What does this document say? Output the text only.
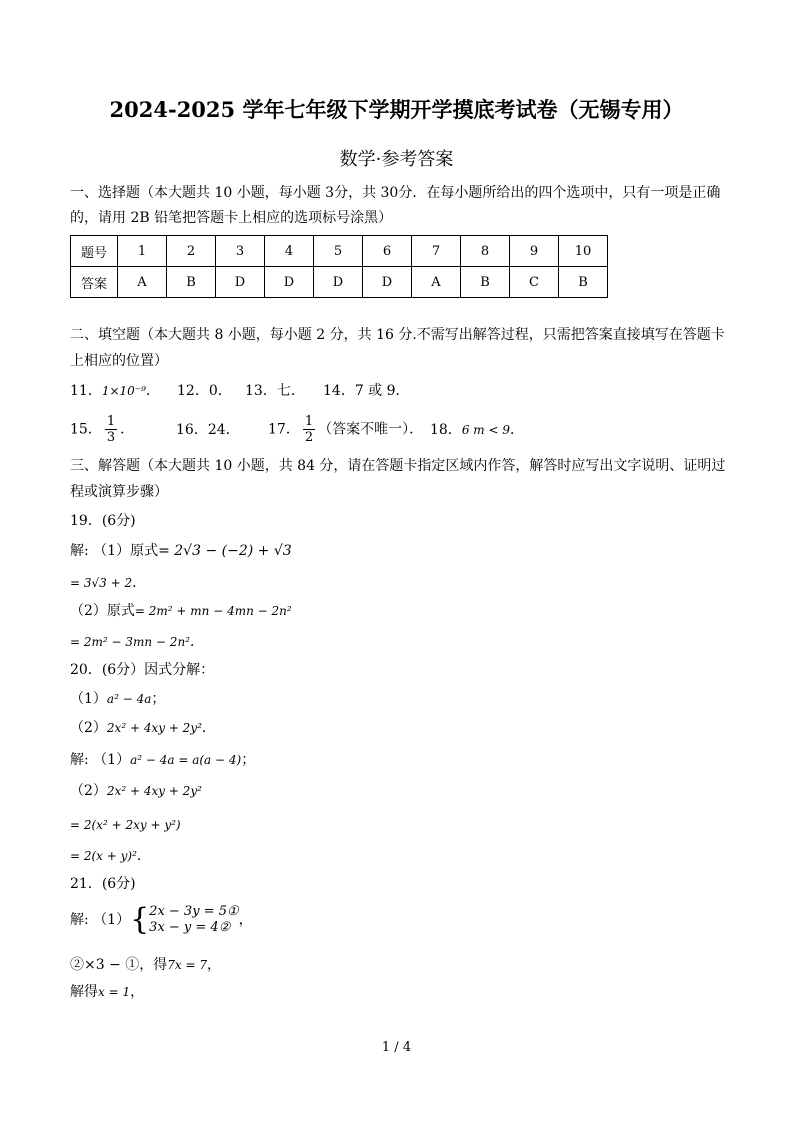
2024-2025 学年七年级下学期开学摸底考试卷（无锡专用）
数学·参考答案
一、选择题（本大题共 10 小题，每小题 3分，共 30分．在每小题所给出的四个选项中，只有一项是正确
的，请用 2B 铅笔把答题卡上相应的选项标号涂黑）
题号	1	2	3	4	5	6	7	8	9	10
答案	A	B	D	D	D	D	A	B	C	B
二、填空题（本大题共 8 小题，每小题 2 分，共 16 分.不需写出解答过程，只需把答案直接填写在答题卡
上相应的位置）
11．1×10⁻⁹． 12．0． 13．七． 14．7 或 9．
15． $\frac{1}{3}$ ．	16．24． 17． $\frac{1}{2}$ （答案不唯一）． 18．6 m < 9．
三、解答题（本大题共 10 小题，共 84 分，请在答题卡指定区域内作答，解答时应写出文字说明、证明过
程或演算步骤）
19．(6分)
解: （1）原式= 2√3 − (−2) + √3
= 3√3 + 2．
（2）原式= 2m² + mn − 4mn − 2n²
= 2m² − 3mn − 2n²．
20．(6分）因式分解：
（1）a² − 4a；
（2）2x² + 4xy + 2y²．
解: （1）a² − 4a = a(a − 4)；
（2）2x² + 4xy + 2y²
= 2(x² + 2xy + y²)
= 2(x + y)²．
21．(6分)
解: （1）{ 2x − 3y = 5①
3x − y = 4② ，
②×3 − ①，得7x = 7，
解得x = 1，
1 / 4
